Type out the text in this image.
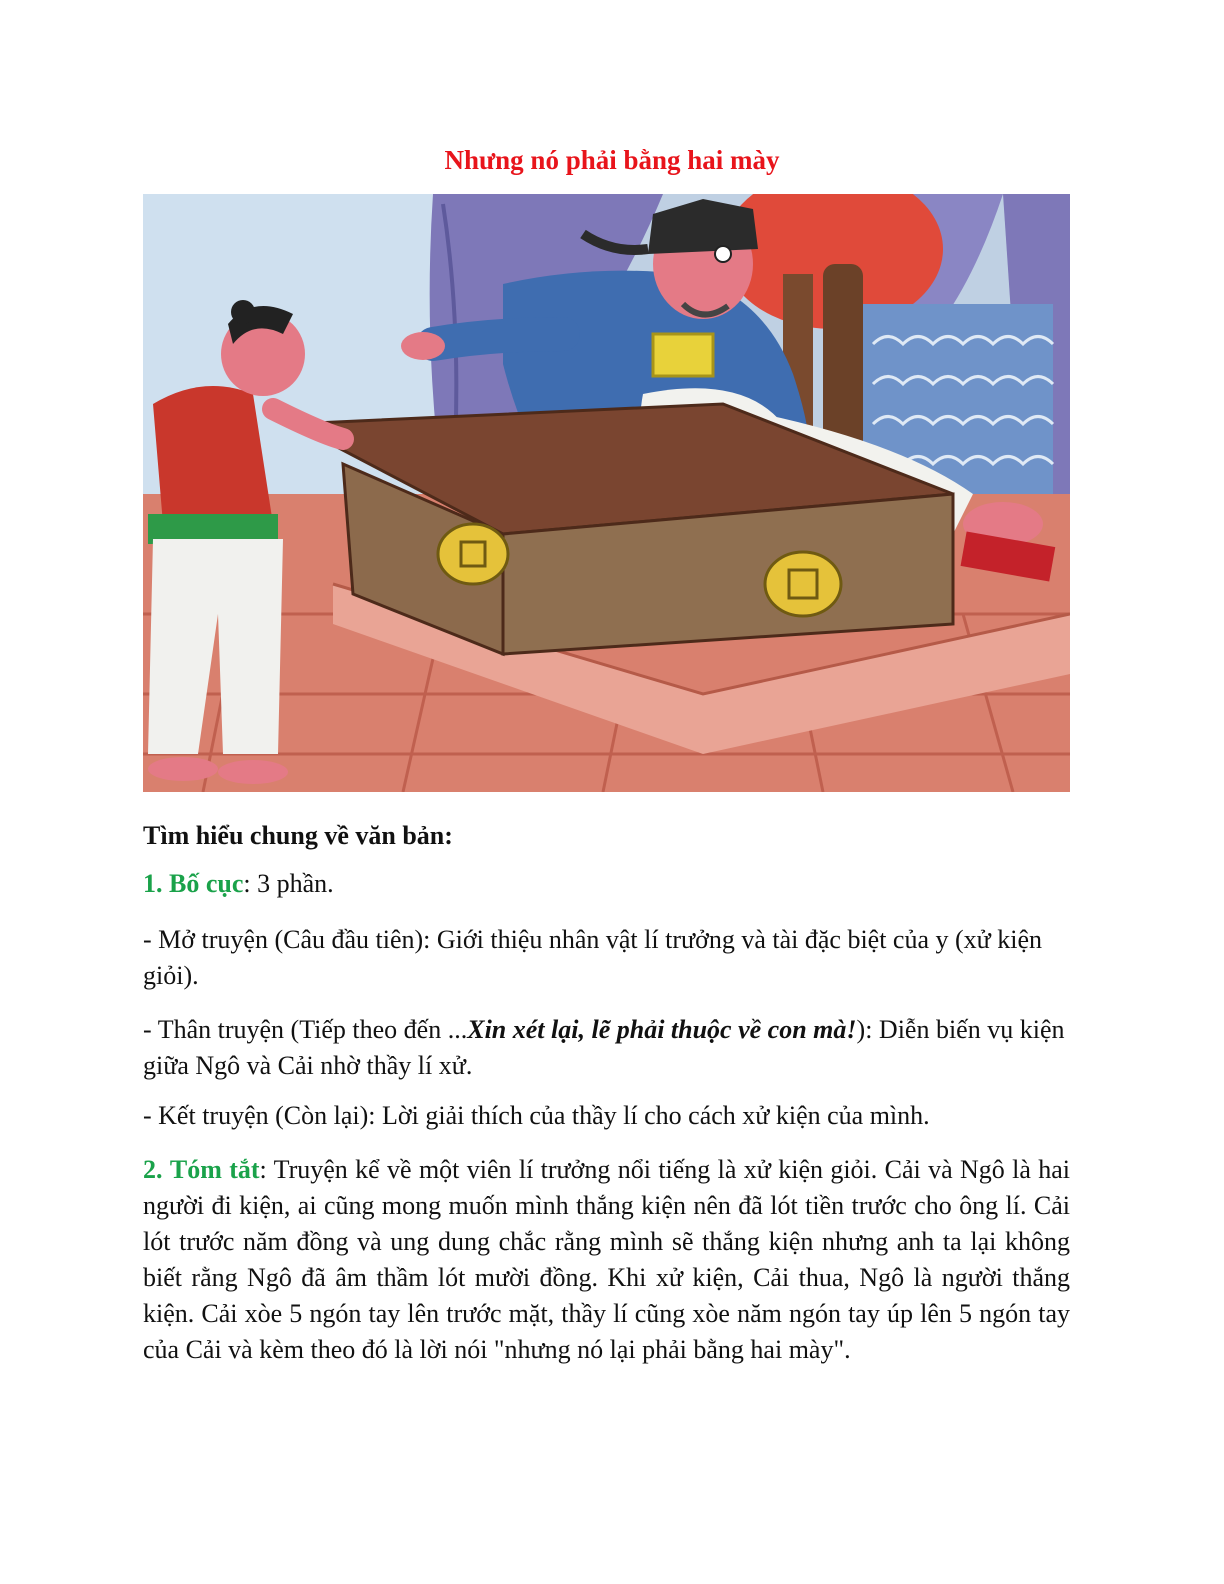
Nhưng nó phải bằng hai mày
Tìm hiểu chung về văn bản:
1. Bố cục: 3 phần.
- Mở truyện (Câu đầu tiên): Giới thiệu nhân vật lí trưởng và tài đặc biệt của y (xử kiện giỏi).
- Thân truyện (Tiếp theo đến ...Xin xét lại, lẽ phải thuộc về con mà!): Diễn biến vụ kiện giữa Ngô và Cải nhờ thầy lí xử.
- Kết truyện (Còn lại): Lời giải thích của thầy lí cho cách xử kiện của mình.
2. Tóm tắt: Truyện kể về một viên lí trưởng nổi tiếng là xử kiện giỏi. Cải và Ngô là hai người đi kiện, ai cũng mong muốn mình thắng kiện nên đã lót tiền trước cho ông lí. Cải lót trước năm đồng và ung dung chắc rằng mình sẽ thắng kiện nhưng anh ta lại không biết rằng Ngô đã âm thầm lót mười đồng. Khi xử kiện, Cải thua, Ngô là người thắng kiện. Cải xòe 5 ngón tay lên trước mặt, thầy lí cũng xòe năm ngón tay úp lên 5 ngón tay của Cải và kèm theo đó là lời nói "nhưng nó lại phải bằng hai mày".
